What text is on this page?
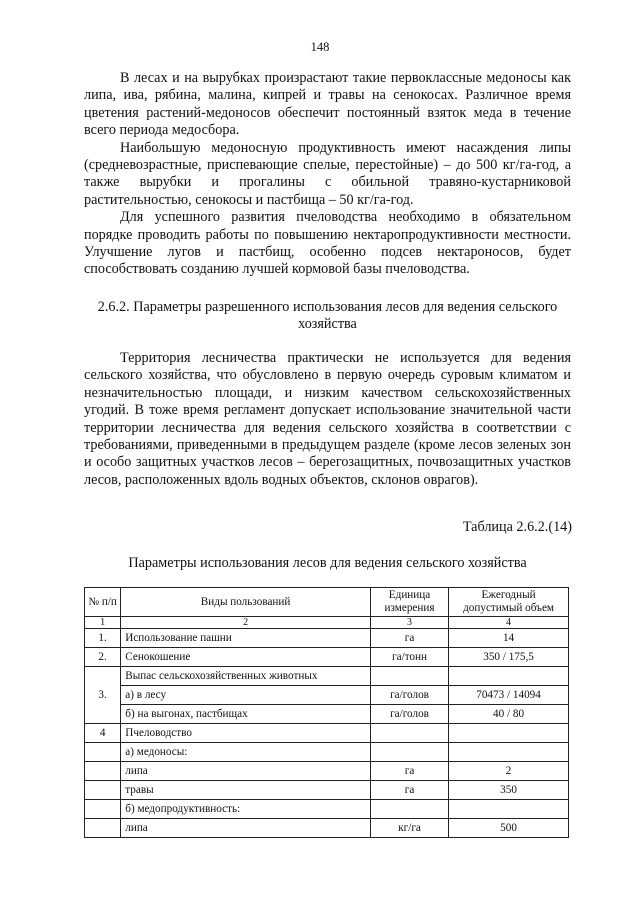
148

В лесах и на вырубках произрастают такие первоклассные медоносы как липа, ива, рябина, малина, кипрей и травы на сенокосах. Различное время цветения растений-медоносов обеспечит постоянный взяток меда в течение всего периода медосбора.

Наибольшую медоносную продуктивность имеют насаждения липы (средневозрастные, приспевающие спелые, перестойные) – до 500 кг/га-год, а также вырубки и прогалины с обильной травяно-кустарниковой растительностью, сенокосы и пастбища – 50 кг/га-год.

Для успешного развития пчеловодства необходимо в обязательном порядке проводить работы по повышению нектаропродуктивности местности. Улучшение лугов и пастбищ, особенно подсев нектароносов, будет способствовать созданию лучшей кормовой базы пчеловодства.

2.6.2. Параметры разрешенного использования лесов для ведения сельского хозяйства

Территория лесничества практически не используется для ведения сельского хозяйства, что обусловлено в первую очередь суровым климатом и незначительностью площади, и низким качеством сельскохозяйственных угодий. В тоже время регламент допускает использование значительной части территории лесничества для ведения сельского хозяйства в соответствии с требованиями, приведенными в предыдущем разделе (кроме лесов зеленых зон и особо защитных участков лесов – берегозащитных, почвозащитных участков лесов, расположенных вдоль водных объектов, склонов оврагов).

Таблица 2.6.2.(14)

Параметры использования лесов для ведения сельского хозяйства

№ п/п	Виды пользований	Единица измерения	Ежегодный допустимый объем
1	2	3	4
1.	Использование пашни	га	14
2.	Сенокошение	га/тонн	350 / 175,5
3.	Выпас сельскохозяйственных животных		
	а) в лесу	га/голов	70473 / 14094
	б) на выгонах, пастбищах	га/голов	40 / 80
4	Пчеловодство		
	а) медоносы:		
	липа	га	2
	травы	га	350
	б) медопродуктивность:		
	липа	кг/га	500
